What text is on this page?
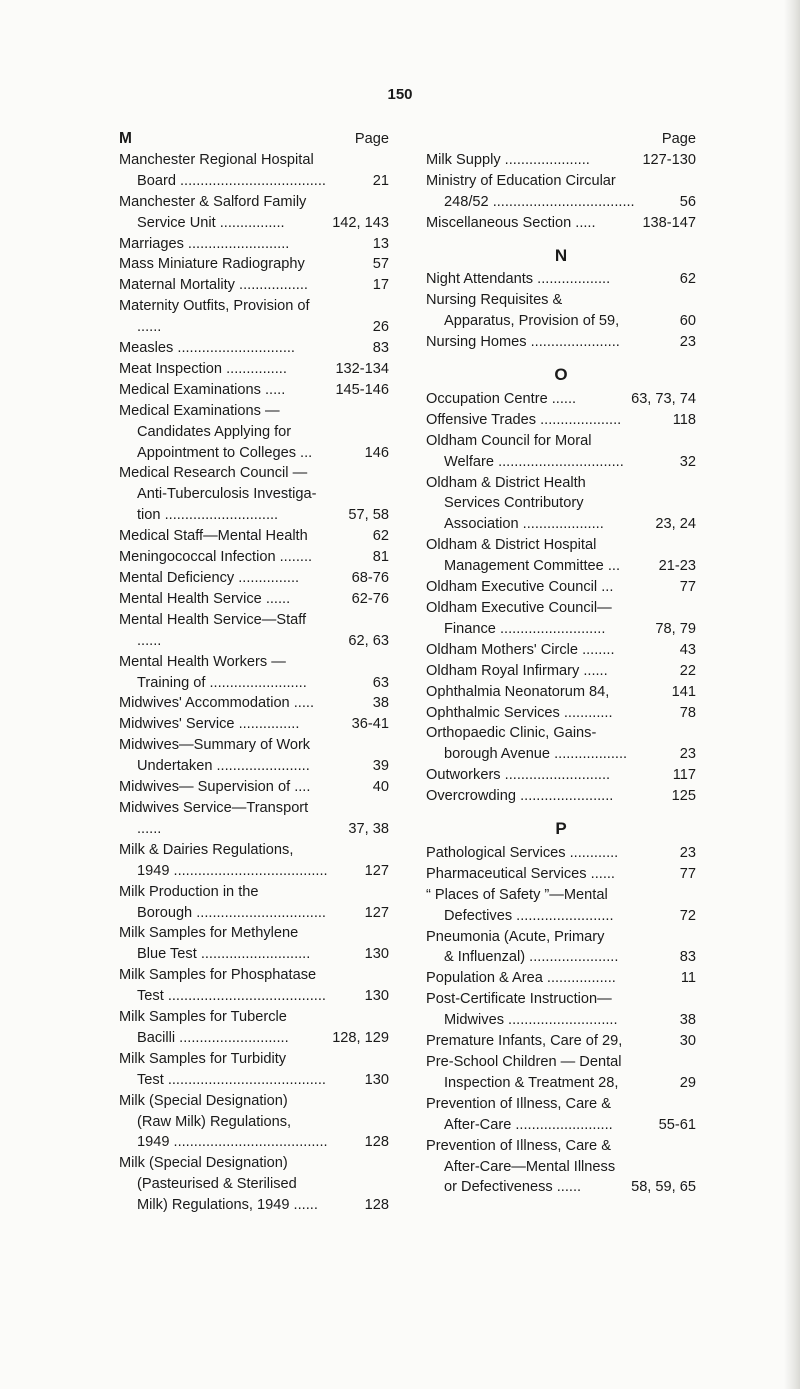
150
M	Page
Manchester Regional Hospital
Board ....................................	21
Manchester & Salford Family
Service Unit ................	142, 143
Marriages .........................	13
Mass Miniature Radiography	57
Maternal Mortality .................	17
Maternity Outfits, Provision of
......	26
Measles .............................	83
Meat Inspection ...............	132-134
Medical Examinations .....	145-146
Medical Examinations —
Candidates Applying for
Appointment to Colleges ...	146
Medical Research Council —
Anti-Tuberculosis Investiga-
tion ............................	57, 58
Medical Staff—Mental Health	62
Meningococcal Infection ........	81
Mental Deficiency ...............	68-76
Mental Health Service ......	62-76
Mental Health Service—Staff
......	62, 63
Mental Health Workers —
Training of ........................	63
Midwives' Accommodation .....	38
Midwives' Service ...............	36-41
Midwives—Summary of Work
Undertaken .......................	39
Midwives— Supervision of ....	40
Midwives Service—Transport
......	37, 38
Milk & Dairies Regulations,
1949 ......................................	127
Milk Production in the
Borough ................................	127
Milk Samples for Methylene
Blue Test ...........................	130
Milk Samples for Phosphatase
Test .......................................	130
Milk Samples for Tubercle
Bacilli ...........................	128, 129
Milk Samples for Turbidity
Test .......................................	130
Milk (Special Designation)
(Raw Milk) Regulations,
1949 ......................................	128
Milk (Special Designation)
(Pasteurised & Sterilised
Milk) Regulations, 1949 ......	128
Page
Milk Supply .....................	127-130
Ministry of Education Circular
248/52 ...................................	56
Miscellaneous Section .....	138-147
N
Night Attendants ..................	62
Nursing Requisites &
Apparatus, Provision of 59,	60
Nursing Homes ......................	23
O
Occupation Centre ......	63, 73, 74
Offensive Trades ....................	118
Oldham Council for Moral
Welfare ...............................	32
Oldham & District Health
Services Contributory
Association ....................	23, 24
Oldham & District Hospital
Management Committee ...	21-23
Oldham Executive Council ...	77
Oldham Executive Council—
Finance ..........................	78, 79
Oldham Mothers' Circle ........	43
Oldham Royal Infirmary ......	22
Ophthalmia Neonatorum 84,	141
Ophthalmic Services ............	78
Orthopaedic Clinic, Gains-
borough Avenue ..................	23
Outworkers ..........................	117
Overcrowding .......................	125
P
Pathological Services ............	23
Pharmaceutical Services ......	77
“ Places of Safety ”—Mental
Defectives ........................	72
Pneumonia (Acute, Primary
& Influenzal) ......................	83
Population & Area .................	11
Post-Certificate Instruction—
Midwives ...........................	38
Premature Infants, Care of 29,	30
Pre-School Children — Dental
Inspection & Treatment 28,	29
Prevention of Illness, Care &
After-Care ........................	55-61
Prevention of Illness, Care &
After-Care—Mental Illness
or Defectiveness ......	58, 59, 65
